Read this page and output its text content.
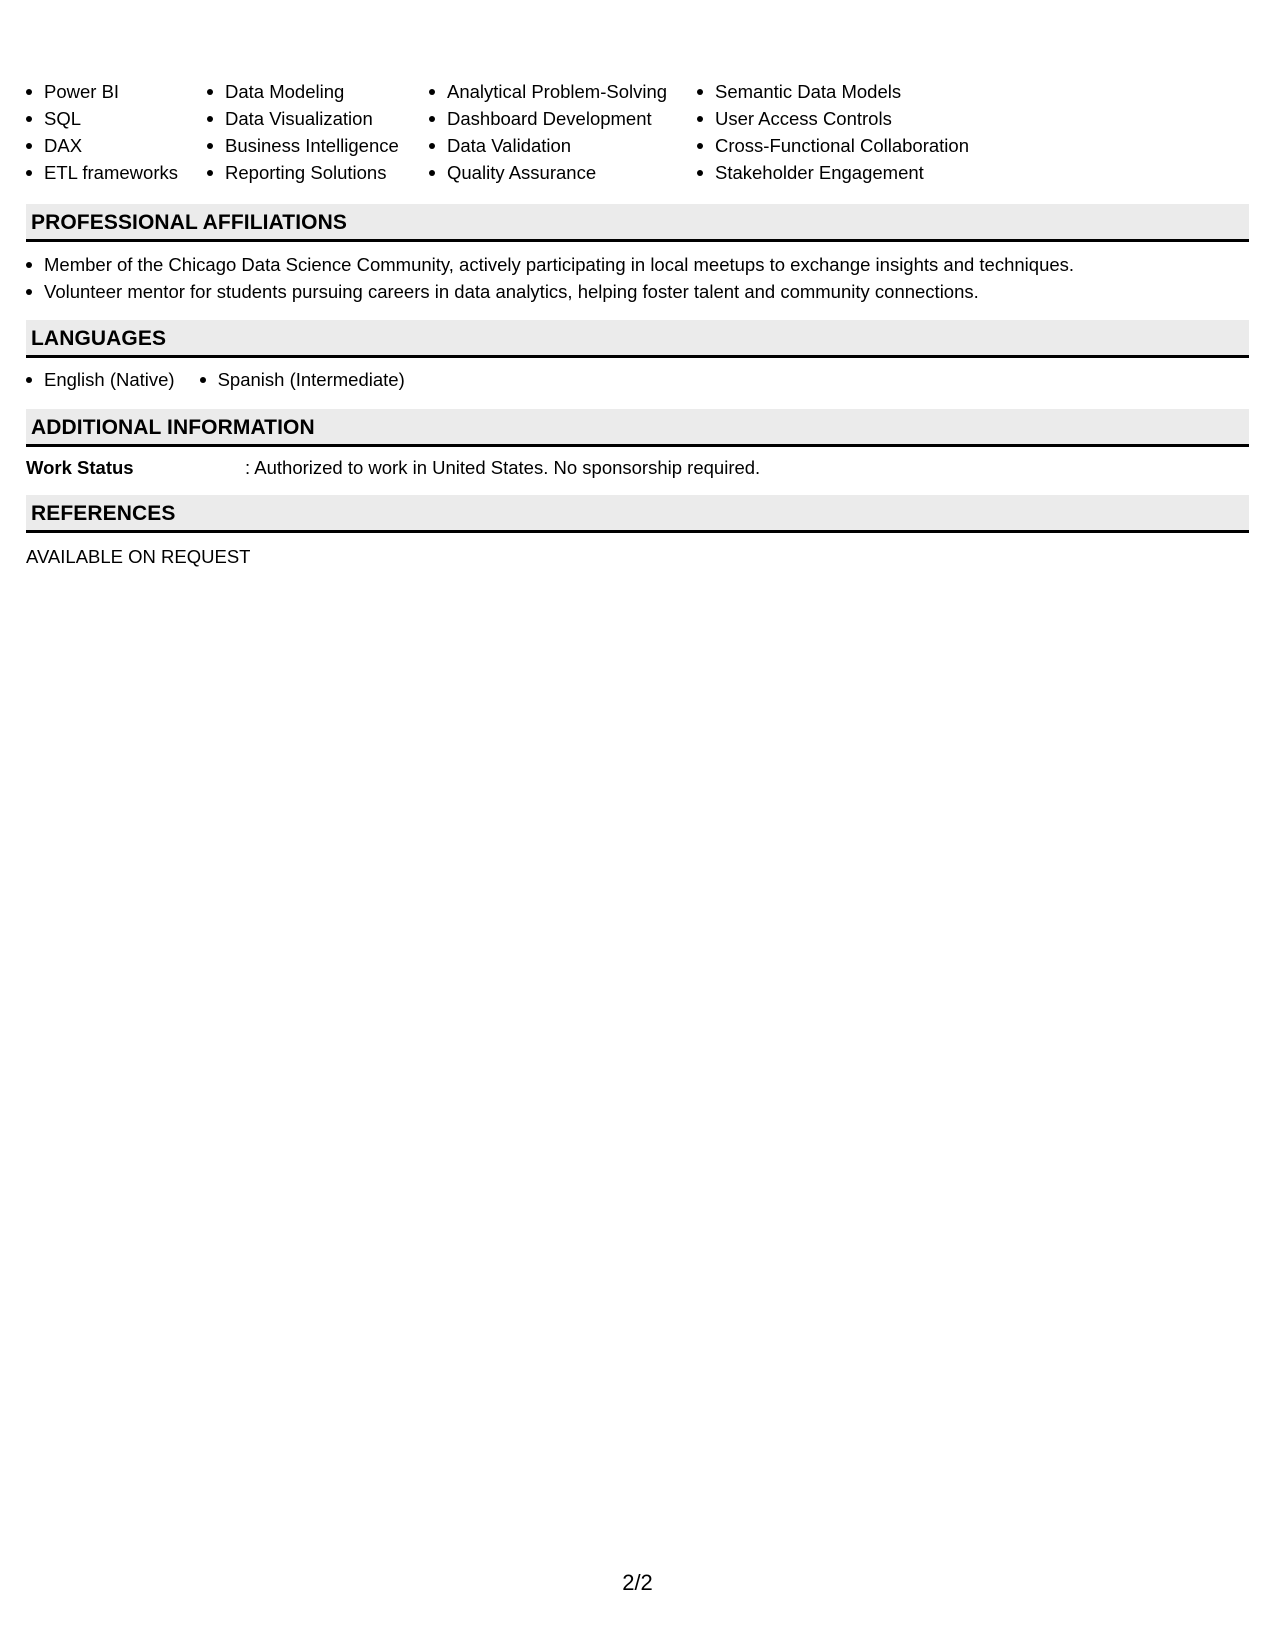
Power BI
SQL
DAX
ETL frameworks
Data Modeling
Data Visualization
Business Intelligence
Reporting Solutions
Analytical Problem-Solving
Dashboard Development
Data Validation
Quality Assurance
Semantic Data Models
User Access Controls
Cross-Functional Collaboration
Stakeholder Engagement
PROFESSIONAL AFFILIATIONS
Member of the Chicago Data Science Community, actively participating in local meetups to exchange insights and techniques.
Volunteer mentor for students pursuing careers in data analytics, helping foster talent and community connections.
LANGUAGES
English (Native)	Spanish (Intermediate)
ADDITIONAL INFORMATION
Work Status	: Authorized to work in United States. No sponsorship required.
REFERENCES
AVAILABLE ON REQUEST
2/2
